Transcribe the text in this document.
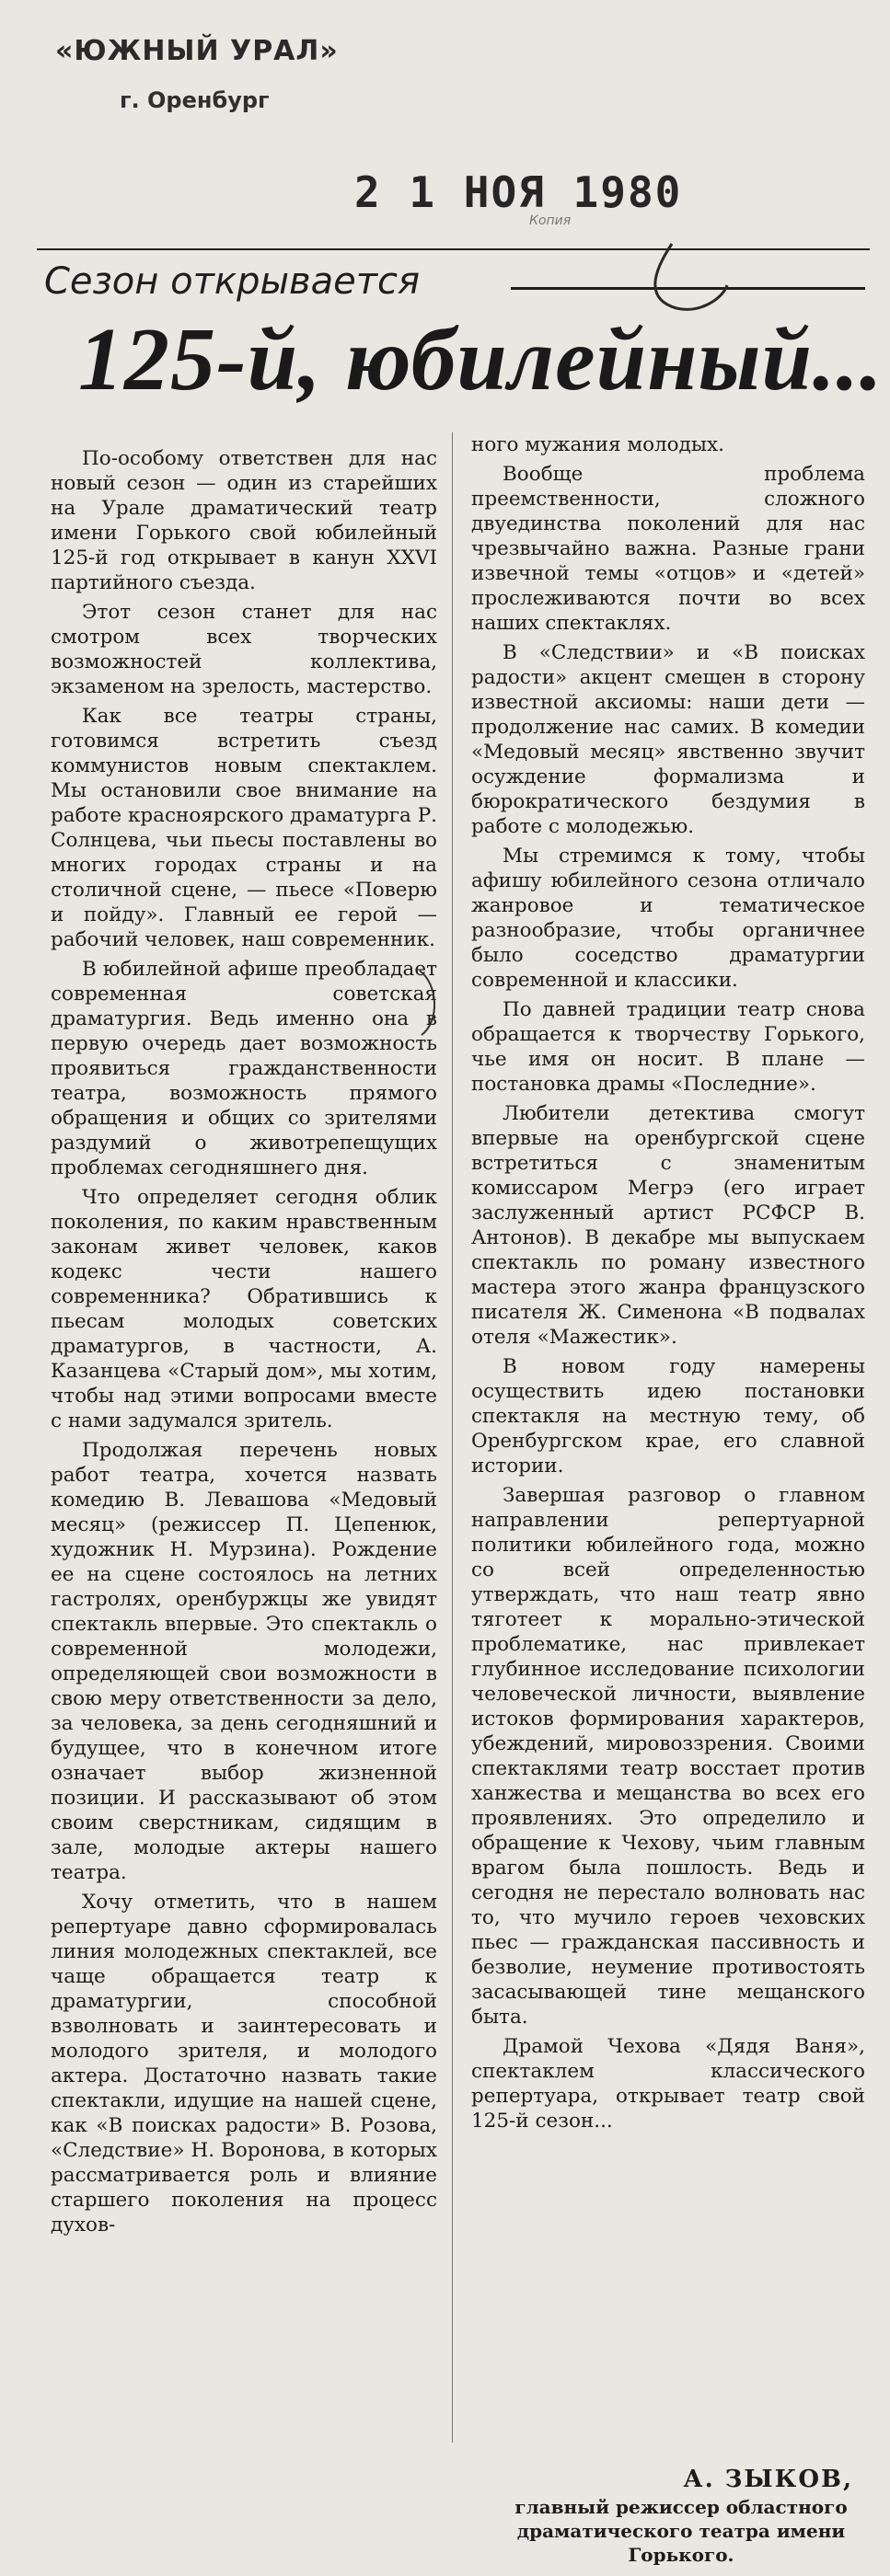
«ЮЖНЫЙ УРАЛ»
г. Оренбург
2 1 НОЯ 1980
Копия
Сезон открывается
125-й, юбилейный...

По-особому ответствен для нас новый сезон — один из старейших на Урале драматический театр имени Горького свой юбилейный 125-й год открывает в канун XXVI партийного съезда.

Этот сезон станет для нас смотром всех творческих возможностей коллектива, экзаменом на зрелость, мастерство.

Как все театры страны, готовимся встретить съезд коммунистов новым спектаклем. Мы остановили свое внимание на работе красноярского драматурга Р. Солнцева, чьи пьесы поставлены во многих городах страны и на столичной сцене, — пьесе «Поверю и пойду». Главный ее герой — рабочий человек, наш современник.

В юбилейной афише преобладает современная советская драматургия. Ведь именно она в первую очередь дает возможность проявиться гражданственности театра, возможность прямого обращения и общих со зрителями раздумий о животрепещущих проблемах сегодняшнего дня.

Что определяет сегодня облик поколения, по каким нравственным законам живет человек, каков кодекс чести нашего современника? Обратившись к пьесам молодых советских драматургов, в частности, А. Казанцева «Старый дом», мы хотим, чтобы над этими вопросами вместе с нами задумался зритель.

Продолжая перечень новых работ театра, хочется назвать комедию В. Левашова «Медовый месяц» (режиссер П. Цепенюк, художник Н. Мурзина). Рождение ее на сцене состоялось на летних гастролях, оренбуржцы же увидят спектакль впервые. Это спектакль о современной молодежи, определяющей свои возможности в свою меру ответственности за дело, за человека, за день сегодняшний и будущее, что в конечном итоге означает выбор жизненной позиции. И рассказывают об этом своим сверстникам, сидящим в зале, молодые актеры нашего театра.

Хочу отметить, что в нашем репертуаре давно сформировалась линия молодежных спектаклей, все чаще обращается театр к драматургии, способной взволновать и заинтересовать и молодого зрителя, и молодого актера. Достаточно назвать такие спектакли, идущие на нашей сцене, как «В поисках радости» В. Розова, «Следствие» Н. Воронова, в которых рассматривается роль и влияние старшего поколения на процесс духов-

ного мужания молодых.

Вообще проблема преемственности, сложного двуединства поколений для нас чрезвычайно важна. Разные грани извечной темы «отцов» и «детей» прослеживаются почти во всех наших спектаклях.

В «Следствии» и «В поисках радости» акцент смещен в сторону известной аксиомы: наши дети — продолжение нас самих. В комедии «Медовый месяц» явственно звучит осуждение формализма и бюрократического бездумия в работе с молодежью.

Мы стремимся к тому, чтобы афишу юбилейного сезона отличало жанровое и тематическое разнообразие, чтобы органичнее было соседство драматургии современной и классики.

По давней традиции театр снова обращается к творчеству Горького, чье имя он носит. В плане — постановка драмы «Последние».

Любители детектива смогут впервые на оренбургской сцене встретиться с знаменитым комиссаром Мегрэ (его играет заслуженный артист РСФСР В. Антонов). В декабре мы выпускаем спектакль по роману известного мастера этого жанра французского писателя Ж. Сименона «В подвалах отеля «Мажестик».

В новом году намерены осуществить идею постановки спектакля на местную тему, об Оренбургском крае, его славной истории.

Завершая разговор о главном направлении репертуарной политики юбилейного года, можно со всей определенностью утверждать, что наш театр явно тяготеет к морально-этической проблематике, нас привлекает глубинное исследование психологии человеческой личности, выявление истоков формирования характеров, убеждений, мировоззрения. Своими спектаклями театр восстает против ханжества и мещанства во всех его проявлениях. Это определило и обращение к Чехову, чьим главным врагом была пошлость. Ведь и сегодня не перестало волновать нас то, что мучило героев чеховских пьес — гражданская пассивность и безволие, неумение противостоять засасывающей тине мещанского быта.

Драмой Чехова «Дядя Ваня», спектаклем классического репертуара, открывает театр свой 125-й сезон...

А. ЗЫКОВ,
главный режиссер областного драматического театра имени Горького.
